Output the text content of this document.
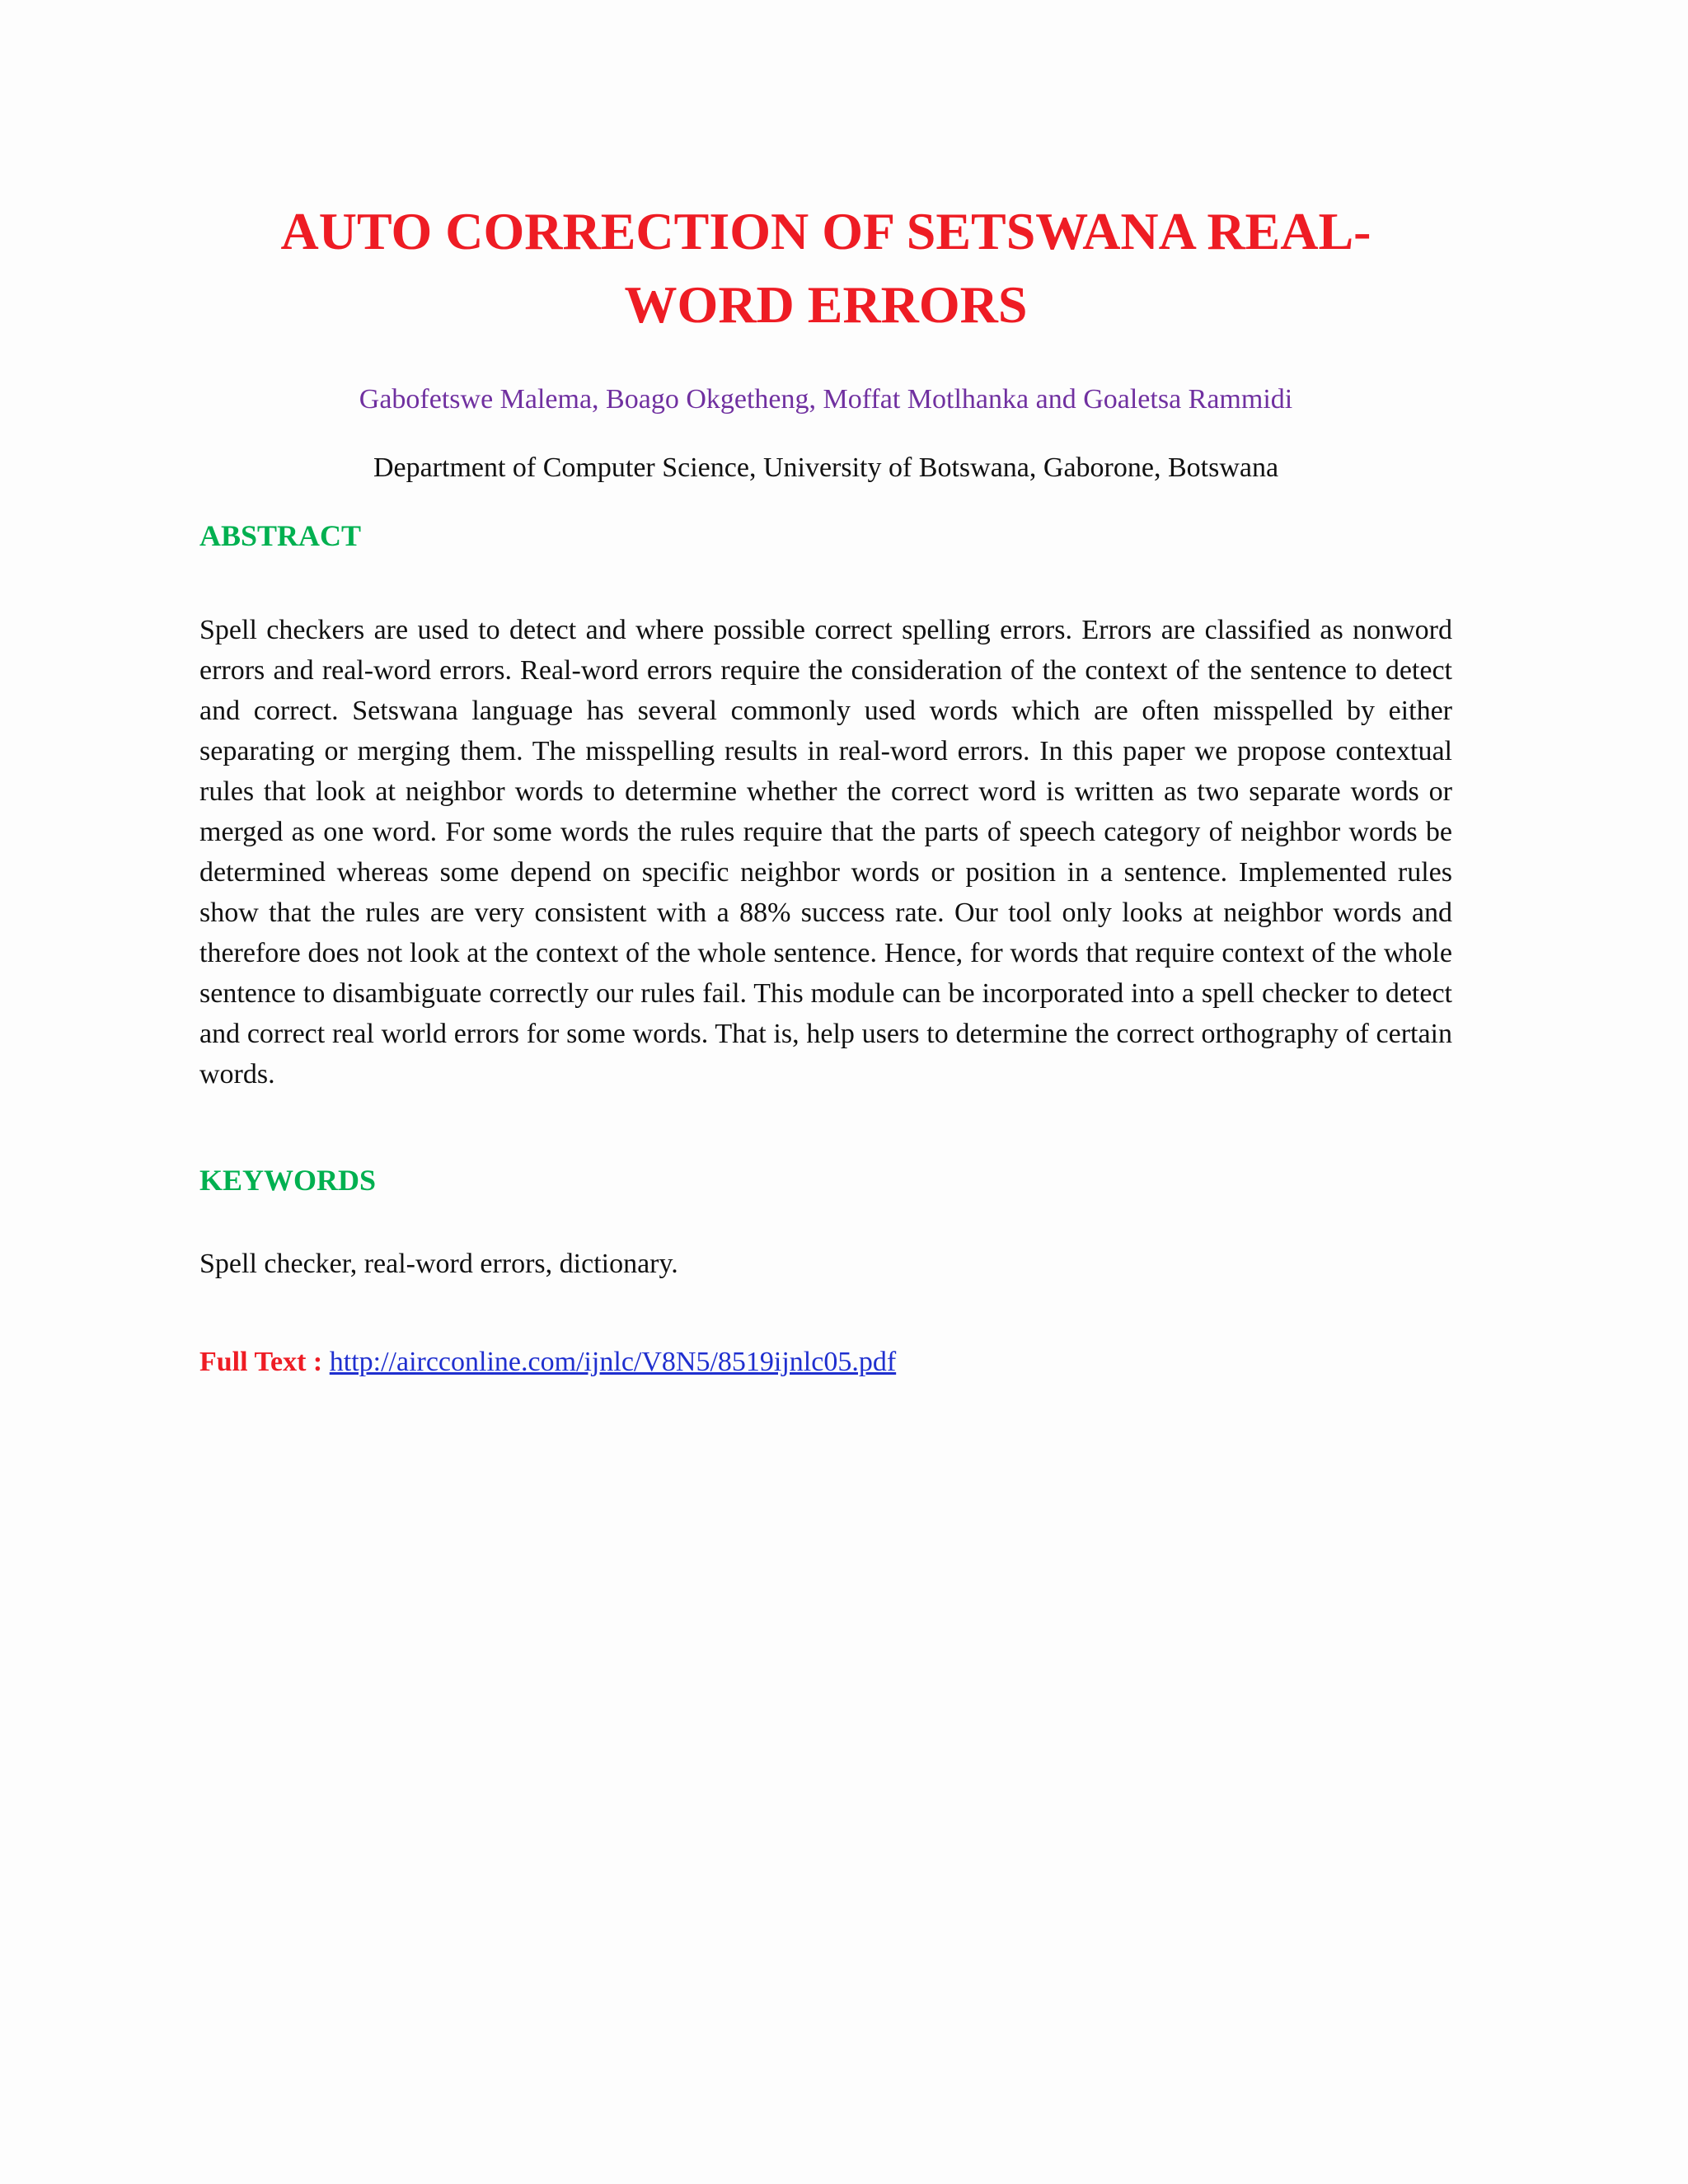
AUTO CORRECTION OF SETSWANA REAL-
WORD ERRORS

Gabofetswe Malema, Boago Okgetheng, Moffat Motlhanka and Goaletsa Rammidi

Department of Computer Science, University of Botswana, Gaborone, Botswana

ABSTRACT

Spell checkers are used to detect and where possible correct spelling errors. Errors are classified as nonword errors and real-word errors. Real-word errors require the consideration of the context of the sentence to detect and correct. Setswana language has several commonly used words which are often misspelled by either separating or merging them. The misspelling results in real-word errors. In this paper we propose contextual rules that look at neighbor words to determine whether the correct word is written as two separate words or merged as one word. For some words the rules require that the parts of speech category of neighbor words be determined whereas some depend on specific neighbor words or position in a sentence. Implemented rules show that the rules are very consistent with a 88% success rate. Our tool only looks at neighbor words and therefore does not look at the context of the whole sentence. Hence, for words that require context of the whole sentence to disambiguate correctly our rules fail. This module can be incorporated into a spell checker to detect and correct real world errors for some words. That is, help users to determine the correct orthography of certain words.

KEYWORDS

Spell checker, real-word errors, dictionary.

Full Text : http://aircconline.com/ijnlc/V8N5/8519ijnlc05.pdf
